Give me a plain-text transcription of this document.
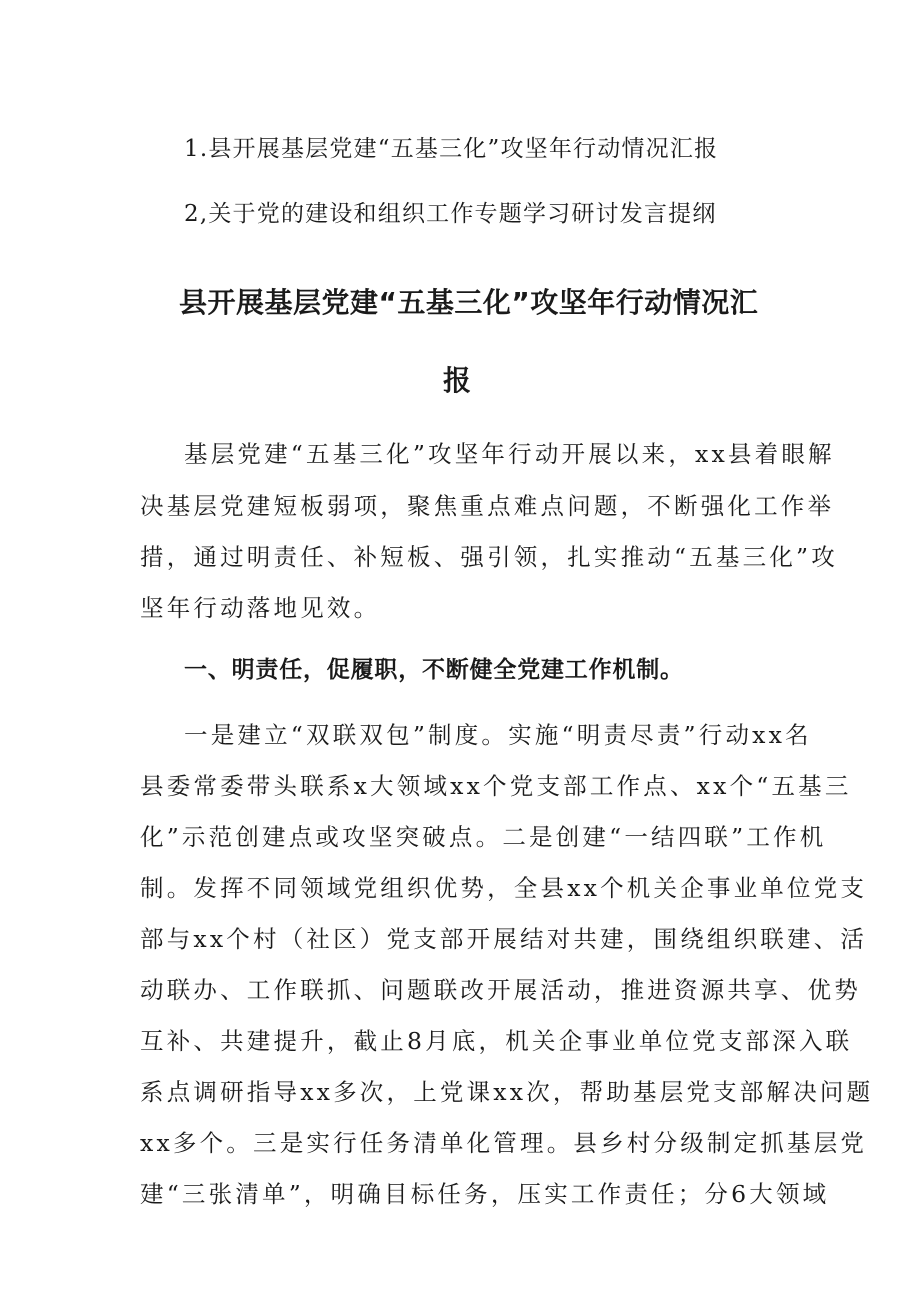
1.县开展基层党建“五基三化”攻坚年行动情况汇报
2,关于党的建设和组织工作专题学习研讨发言提纲
县开展基层党建“五基三化”攻坚年行动情况汇
报
基层党建“五基三化”攻坚年行动开展以来，xx县着眼解
决基层党建短板弱项，聚焦重点难点问题，不断强化工作举
措，通过明责任、补短板、强引领，扎实推动“五基三化”攻
坚年行动落地见效。
一、明责任，促履职，不断健全党建工作机制。
一是建立“双联双包”制度。实施“明责尽责”行动xx名
县委常委带头联系x大领域xx个党支部工作点、xx个“五基三
化”示范创建点或攻坚突破点。二是创建“一结四联”工作机
制。发挥不同领域党组织优势，全县xx个机关企事业单位党支
部与xx个村（社区）党支部开展结对共建，围绕组织联建、活
动联办、工作联抓、问题联改开展活动，推进资源共享、优势
互补、共建提升，截止8月底，机关企事业单位党支部深入联
系点调研指导xx多次，上党课xx次，帮助基层党支部解决问题
xx多个。三是实行任务清单化管理。县乡村分级制定抓基层党
建“三张清单”，明确目标任务，压实工作责任；分6大领域
